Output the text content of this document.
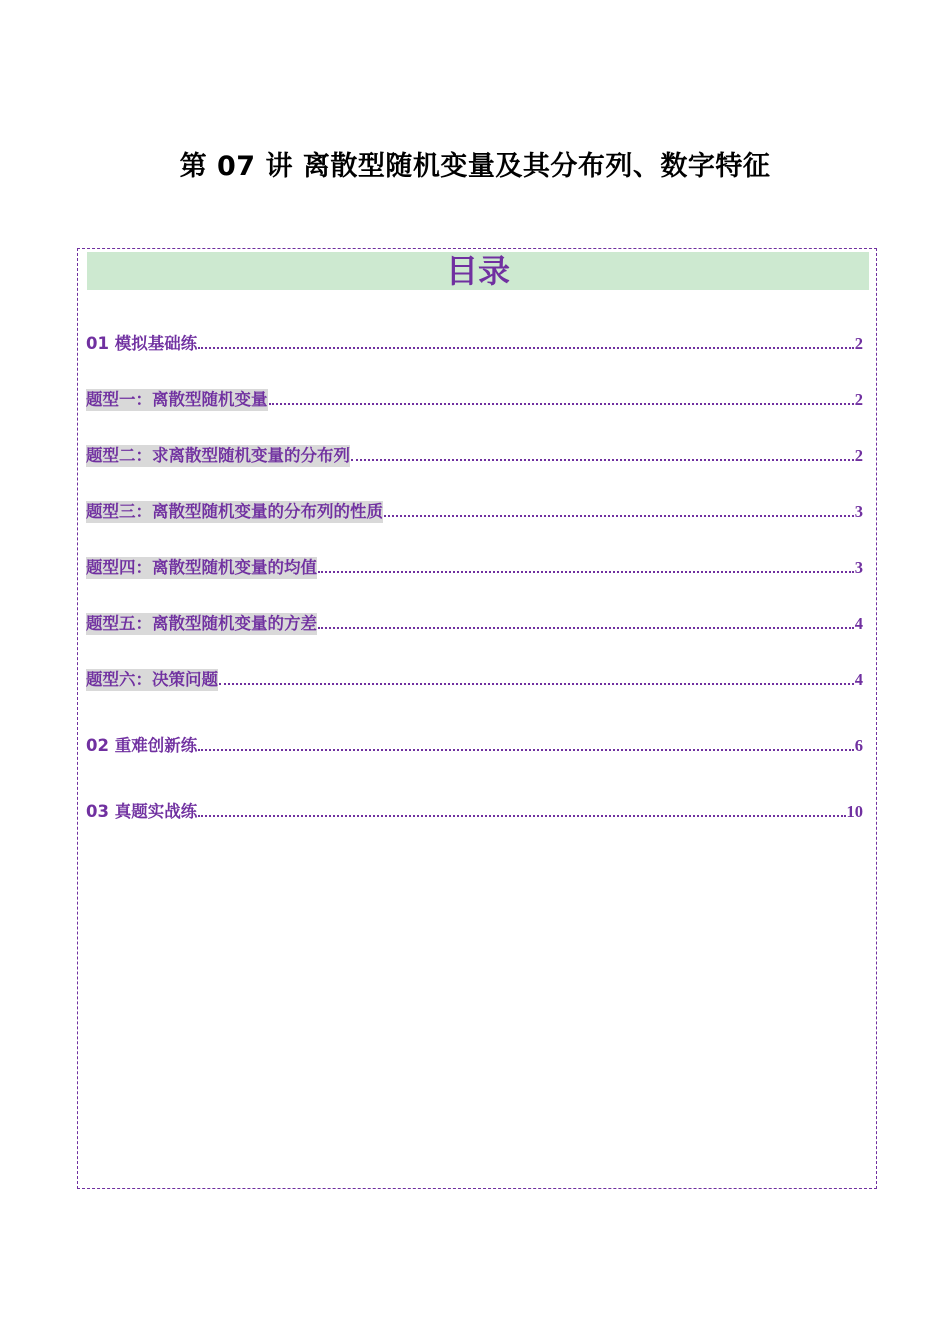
第 07 讲 离散型随机变量及其分布列、数字特征
目录
01 模拟基础练	2
题型一：离散型随机变量	2
题型二：求离散型随机变量的分布列	2
题型三：离散型随机变量的分布列的性质	3
题型四：离散型随机变量的均值	3
题型五：离散型随机变量的方差	4
题型六：决策问题	4
02 重难创新练	6
03 真题实战练	10
